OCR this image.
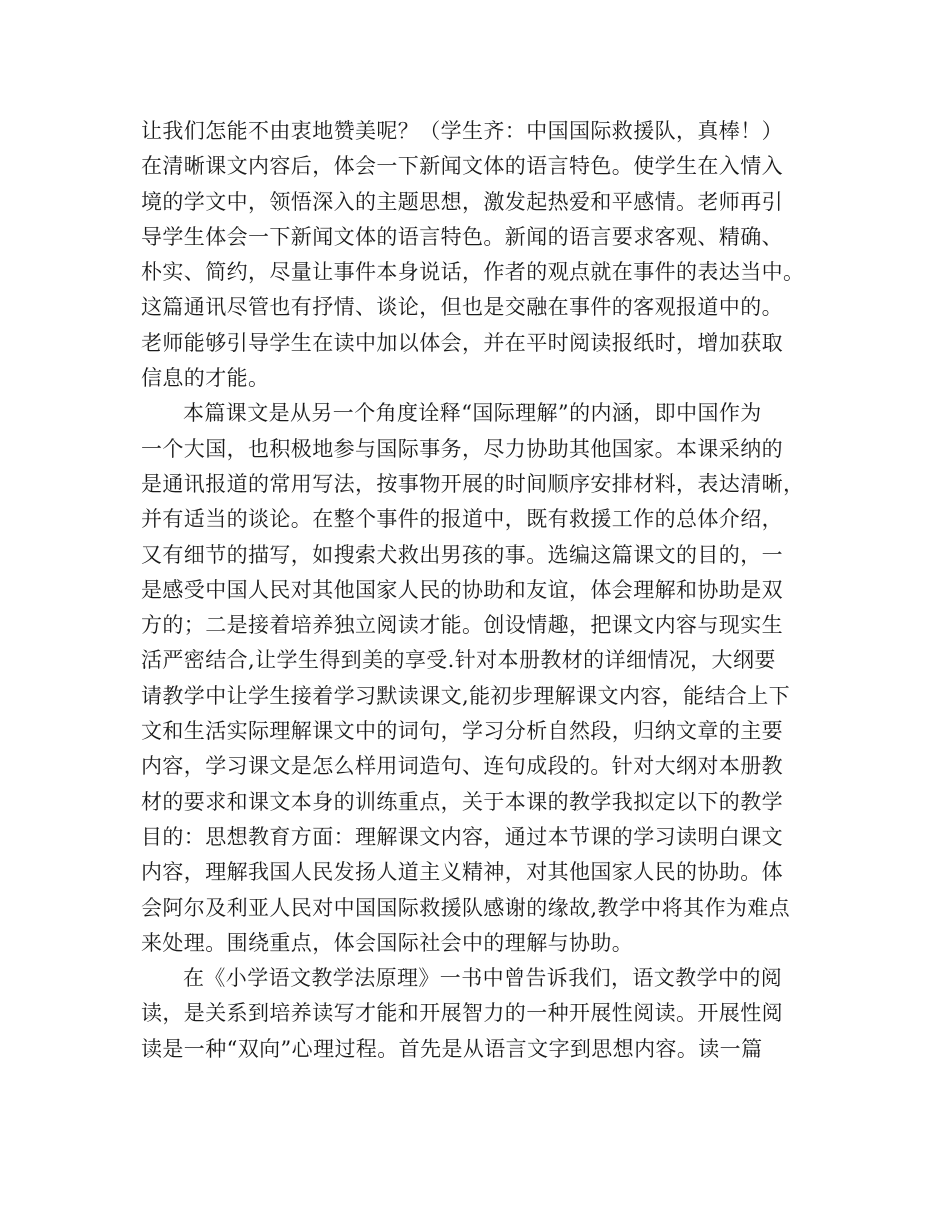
让我们怎能不由衷地赞美呢？（学生齐：中国国际救援队，真棒！）
在清晰课文内容后，体会一下新闻文体的语言特色。使学生在入情入
境的学文中，领悟深入的主题思想，激发起热爱和平感情。老师再引
导学生体会一下新闻文体的语言特色。新闻的语言要求客观、精确、
朴实、简约，尽量让事件本身说话，作者的观点就在事件的表达当中。
这篇通讯尽管也有抒情、谈论，但也是交融在事件的客观报道中的。
老师能够引导学生在读中加以体会，并在平时阅读报纸时，增加获取
信息的才能。
本篇课文是从另一个角度诠释“国际理解”的内涵，即中国作为
一个大国，也积极地参与国际事务，尽力协助其他国家。本课采纳的
是通讯报道的常用写法，按事物开展的时间顺序安排材料，表达清晰，
并有适当的谈论。在整个事件的报道中，既有救援工作的总体介绍，
又有细节的描写，如搜索犬救出男孩的事。选编这篇课文的目的，一
是感受中国人民对其他国家人民的协助和友谊，体会理解和协助是双
方的；二是接着培养独立阅读才能。创设情趣，把课文内容与现实生
活严密结合,让学生得到美的享受.针对本册教材的详细情况，大纲要
请教学中让学生接着学习默读课文,能初步理解课文内容，能结合上下
文和生活实际理解课文中的词句，学习分析自然段，归纳文章的主要
内容，学习课文是怎么样用词造句、连句成段的。针对大纲对本册教
材的要求和课文本身的训练重点，关于本课的教学我拟定以下的教学
目的：思想教育方面：理解课文内容，通过本节课的学习读明白课文
内容，理解我国人民发扬人道主义精神，对其他国家人民的协助。体
会阿尔及利亚人民对中国国际救援队感谢的缘故,教学中将其作为难点
来处理。围绕重点，体会国际社会中的理解与协助。
在《小学语文教学法原理》一书中曾告诉我们，语文教学中的阅
读，是关系到培养读写才能和开展智力的一种开展性阅读。开展性阅
读是一种“双向”心理过程。首先是从语言文字到思想内容。读一篇
